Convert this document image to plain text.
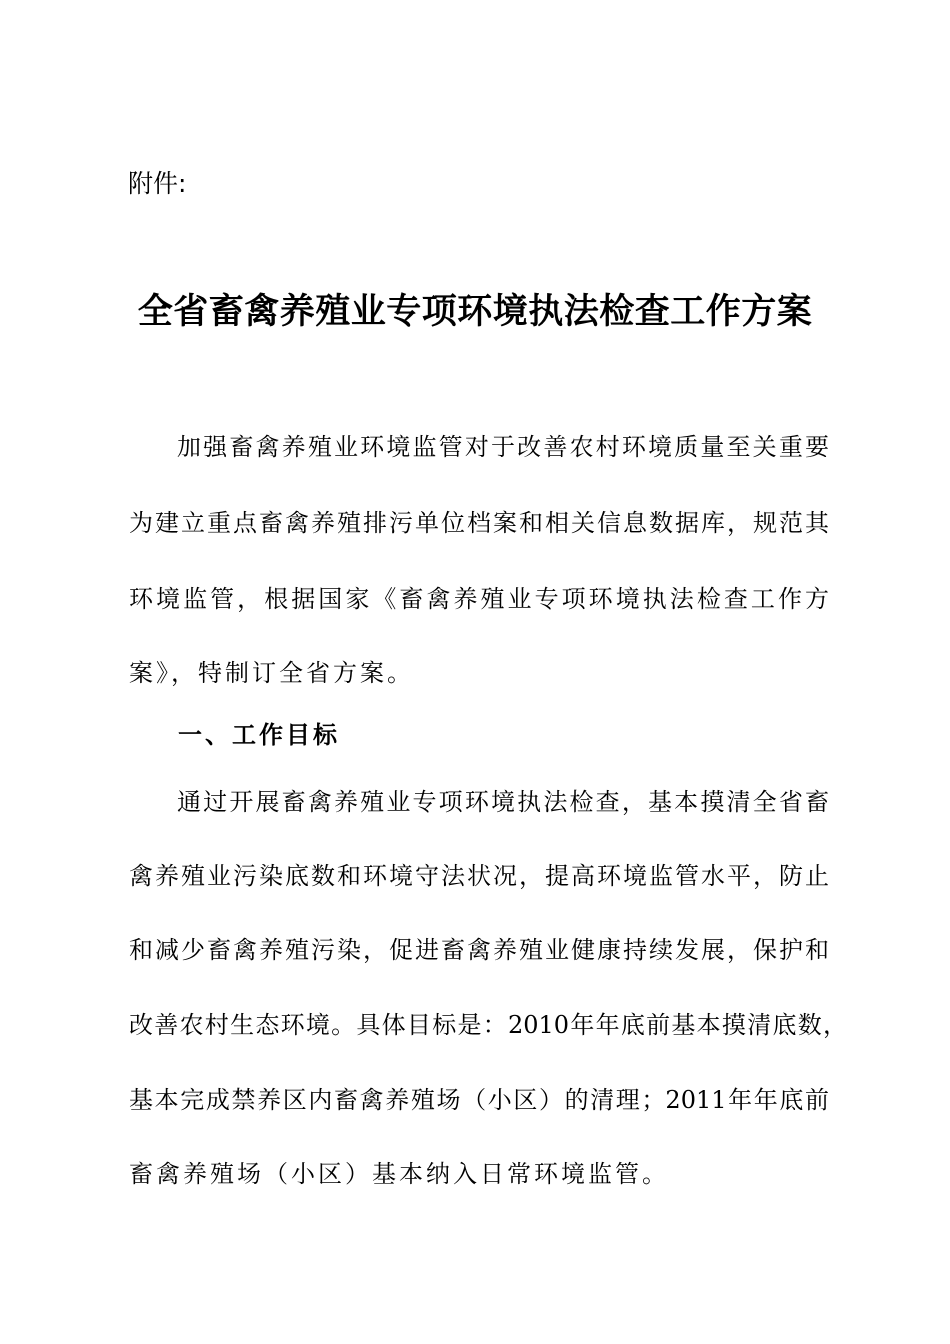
附件:
全省畜禽养殖业专项环境执法检查工作方案
加强畜禽养殖业环境监管对于改善农村环境质量至关重要
为建立重点畜禽养殖排污单位档案和相关信息数据库，规范其
环境监管，根据国家《畜禽养殖业专项环境执法检查工作方
案》，特制订全省方案。
一、工作目标
通过开展畜禽养殖业专项环境执法检查，基本摸清全省畜
禽养殖业污染底数和环境守法状况，提高环境监管水平，防止
和减少畜禽养殖污染，促进畜禽养殖业健康持续发展，保护和
改善农村生态环境。具体目标是：2010年年底前基本摸清底数，
基本完成禁养区内畜禽养殖场（小区）的清理；2011年年底前
畜禽养殖场（小区）基本纳入日常环境监管。
